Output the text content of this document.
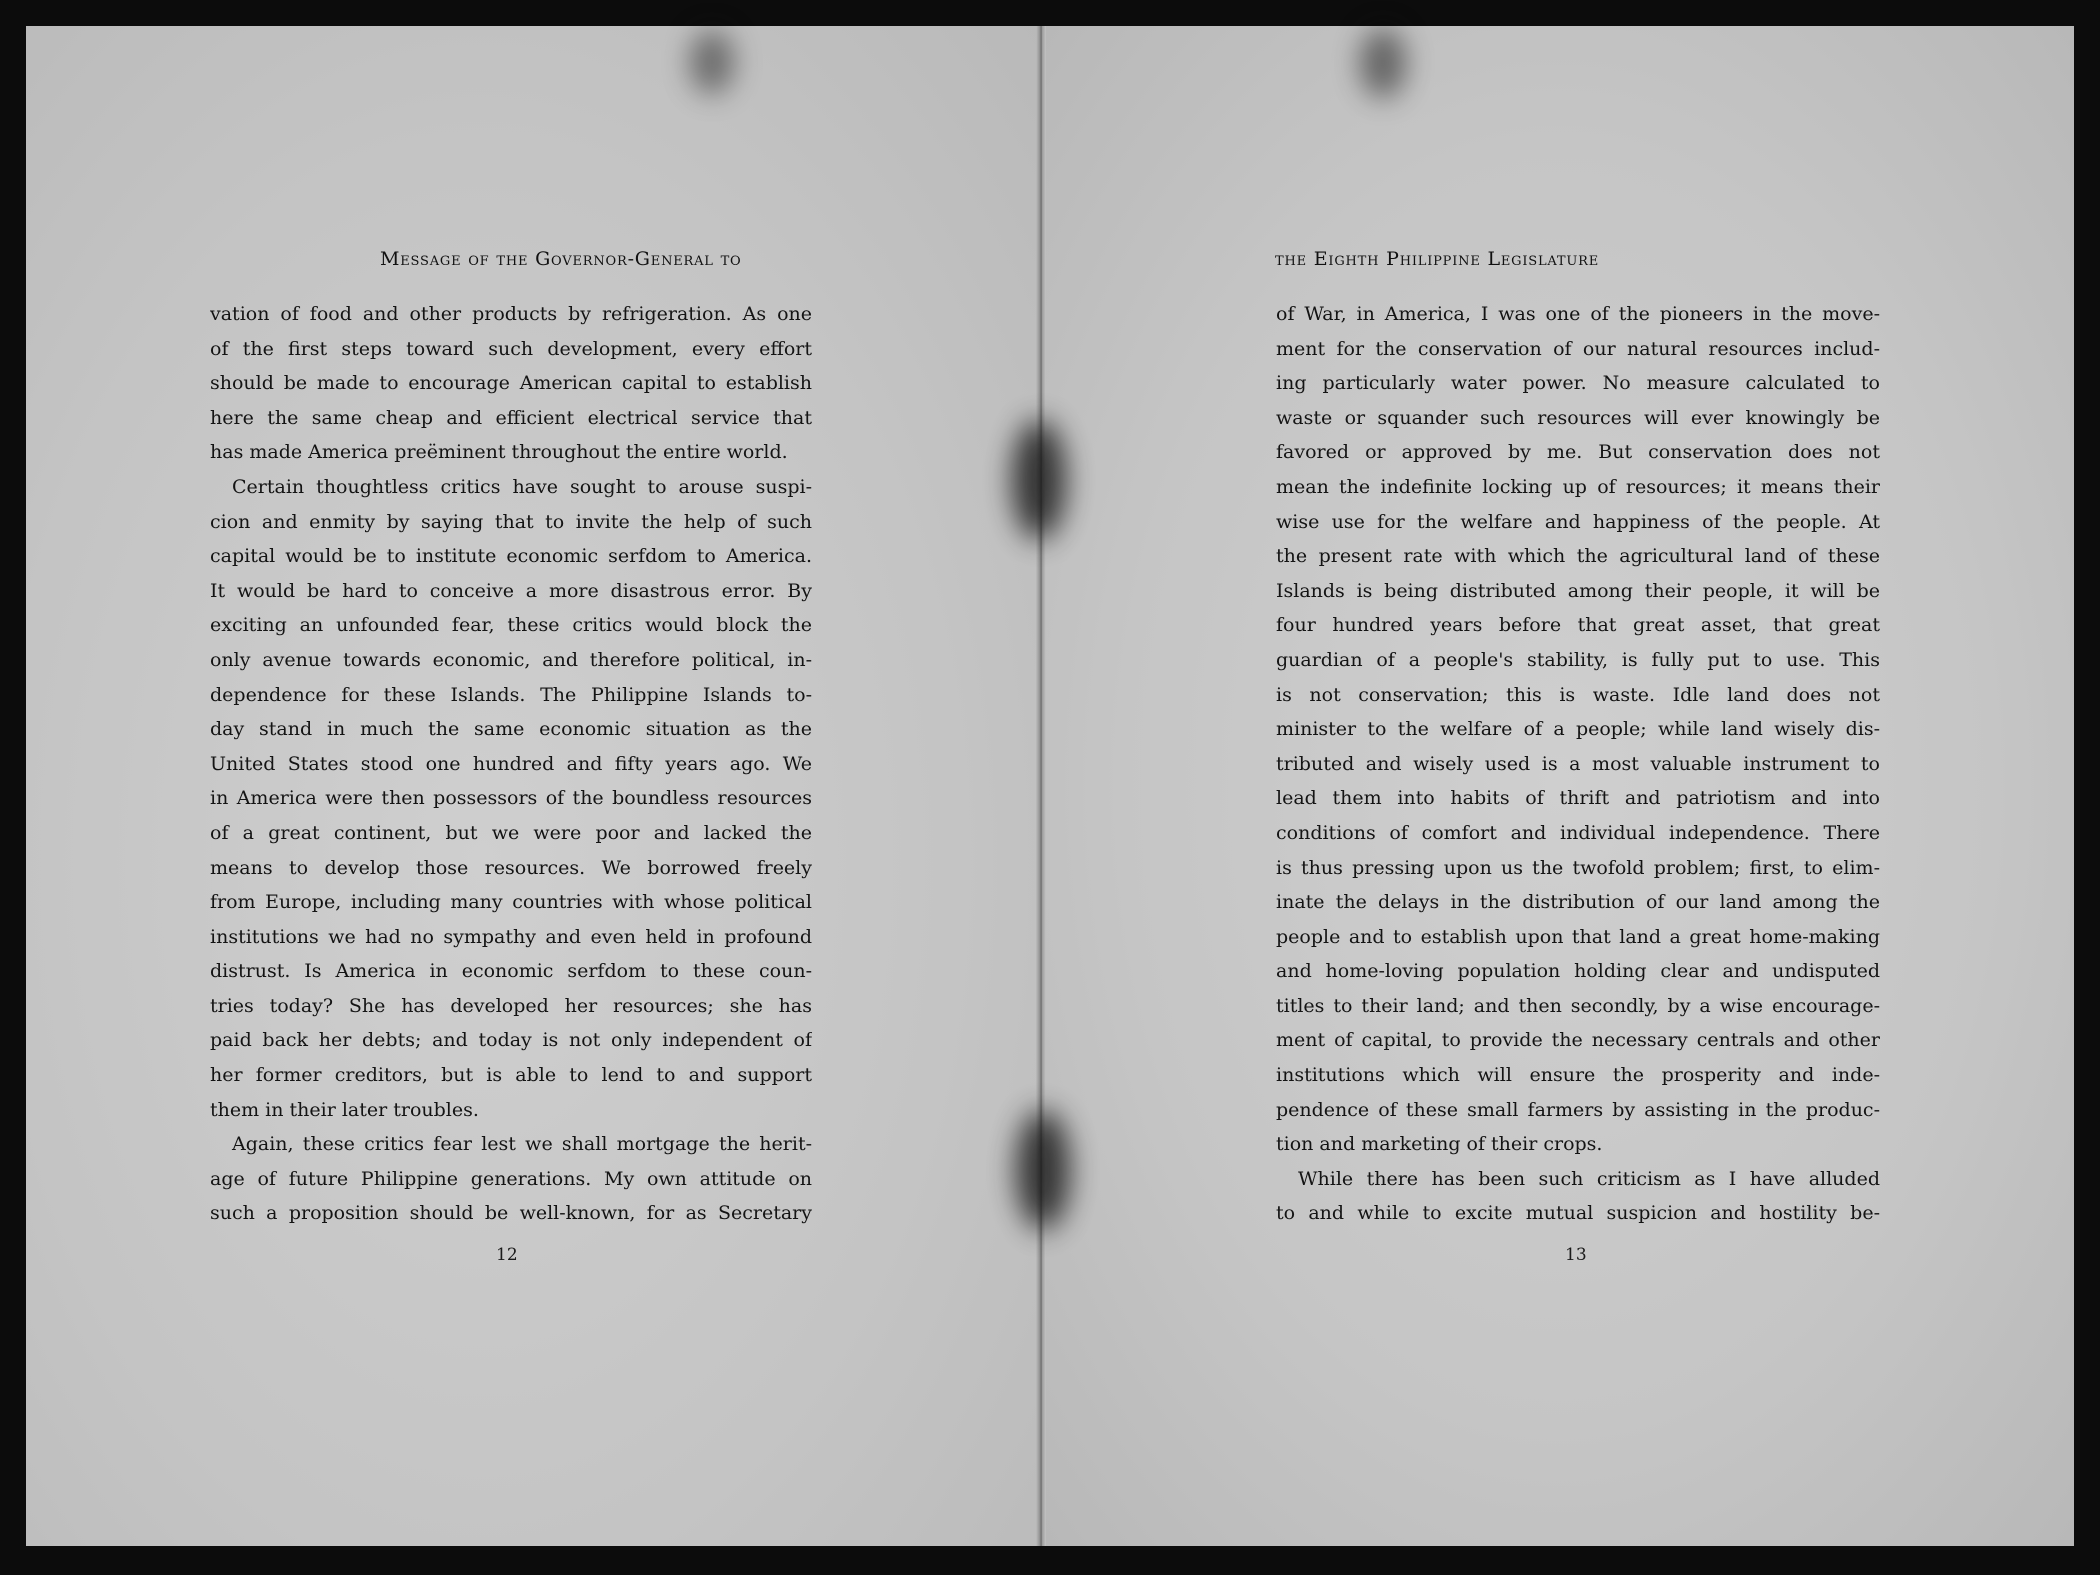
Message of the Governor-General to	the Eighth Philippine Legislature
vation of food and other products by refrigeration. As one
of the first steps toward such development, every effort
should be made to encourage American capital to establish
here the same cheap and efficient electrical service that
has made America preëminent throughout the entire world.
Certain thoughtless critics have sought to arouse suspi-
cion and enmity by saying that to invite the help of such
capital would be to institute economic serfdom to America.
It would be hard to conceive a more disastrous error. By
exciting an unfounded fear, these critics would block the
only avenue towards economic, and therefore political, in-
dependence for these Islands. The Philippine Islands to-
day stand in much the same economic situation as the
United States stood one hundred and fifty years ago. We
in America were then possessors of the boundless resources
of a great continent, but we were poor and lacked the
means to develop those resources. We borrowed freely
from Europe, including many countries with whose political
institutions we had no sympathy and even held in profound
distrust. Is America in economic serfdom to these coun-
tries today? She has developed her resources; she has
paid back her debts; and today is not only independent of
her former creditors, but is able to lend to and support
them in their later troubles.
Again, these critics fear lest we shall mortgage the herit-
age of future Philippine generations. My own attitude on
such a proposition should be well-known, for as Secretary
of War, in America, I was one of the pioneers in the move-
ment for the conservation of our natural resources includ-
ing particularly water power. No measure calculated to
waste or squander such resources will ever knowingly be
favored or approved by me. But conservation does not
mean the indefinite locking up of resources; it means their
wise use for the welfare and happiness of the people. At
the present rate with which the agricultural land of these
Islands is being distributed among their people, it will be
four hundred years before that great asset, that great
guardian of a people's stability, is fully put to use. This
is not conservation; this is waste. Idle land does not
minister to the welfare of a people; while land wisely dis-
tributed and wisely used is a most valuable instrument to
lead them into habits of thrift and patriotism and into
conditions of comfort and individual independence. There
is thus pressing upon us the twofold problem; first, to elim-
inate the delays in the distribution of our land among the
people and to establish upon that land a great home-making
and home-loving population holding clear and undisputed
titles to their land; and then secondly, by a wise encourage-
ment of capital, to provide the necessary centrals and other
institutions which will ensure the prosperity and inde-
pendence of these small farmers by assisting in the produc-
tion and marketing of their crops.
While there has been such criticism as I have alluded
to and while to excite mutual suspicion and hostility be-
12	13
